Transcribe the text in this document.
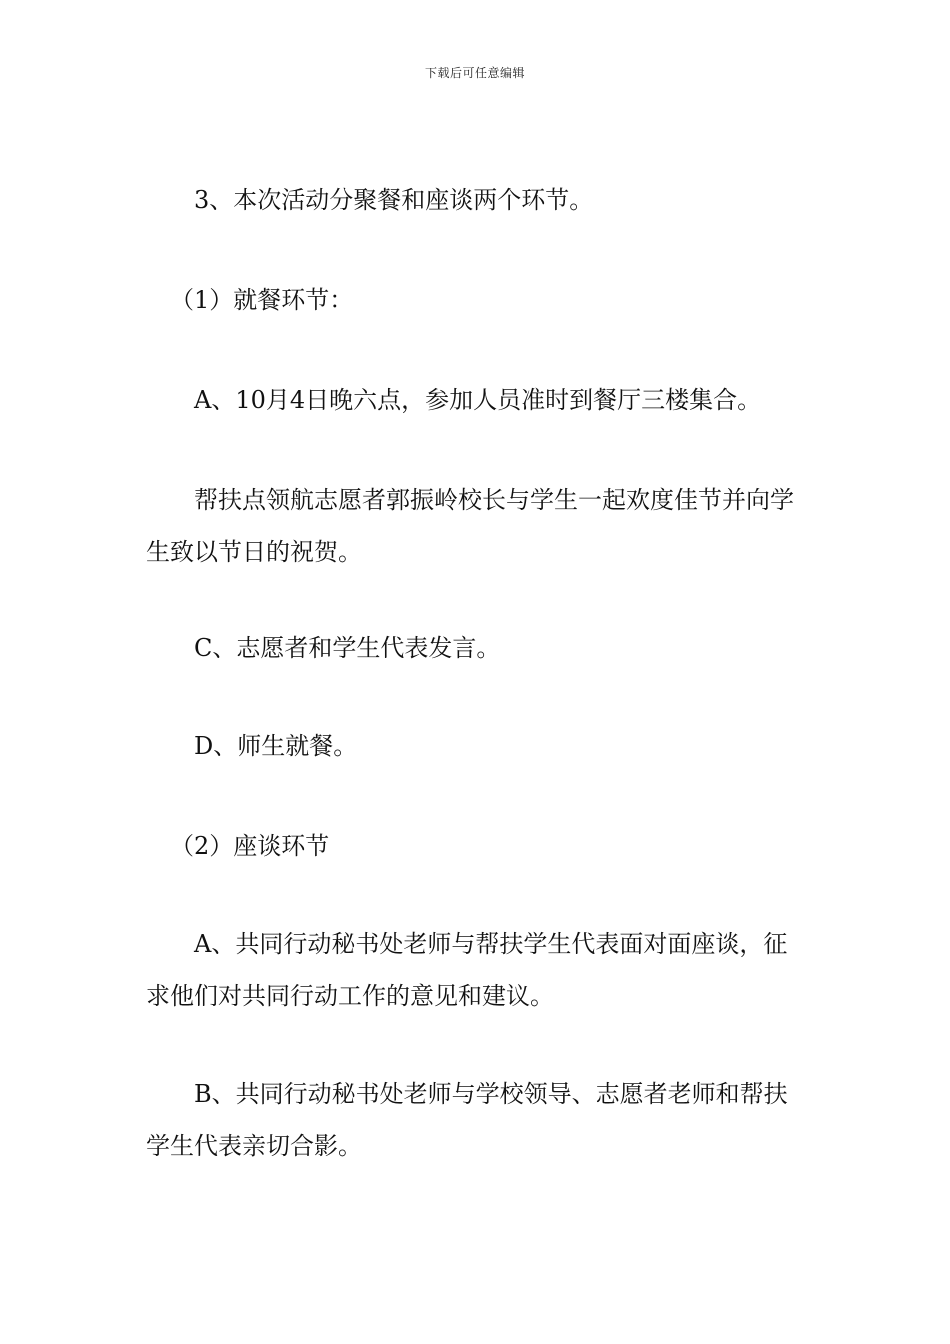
下载后可任意编辑

3、本次活动分聚餐和座谈两个环节。

（1）就餐环节：

A、10月4日晚六点，参加人员准时到餐厅三楼集合。

帮扶点领航志愿者郭振岭校长与学生一起欢度佳节并向学生致以节日的祝贺。

C、志愿者和学生代表发言。

D、师生就餐。

（2）座谈环节

A、共同行动秘书处老师与帮扶学生代表面对面座谈，征求他们对共同行动工作的意见和建议。

B、共同行动秘书处老师与学校领导、志愿者老师和帮扶学生代表亲切合影。
